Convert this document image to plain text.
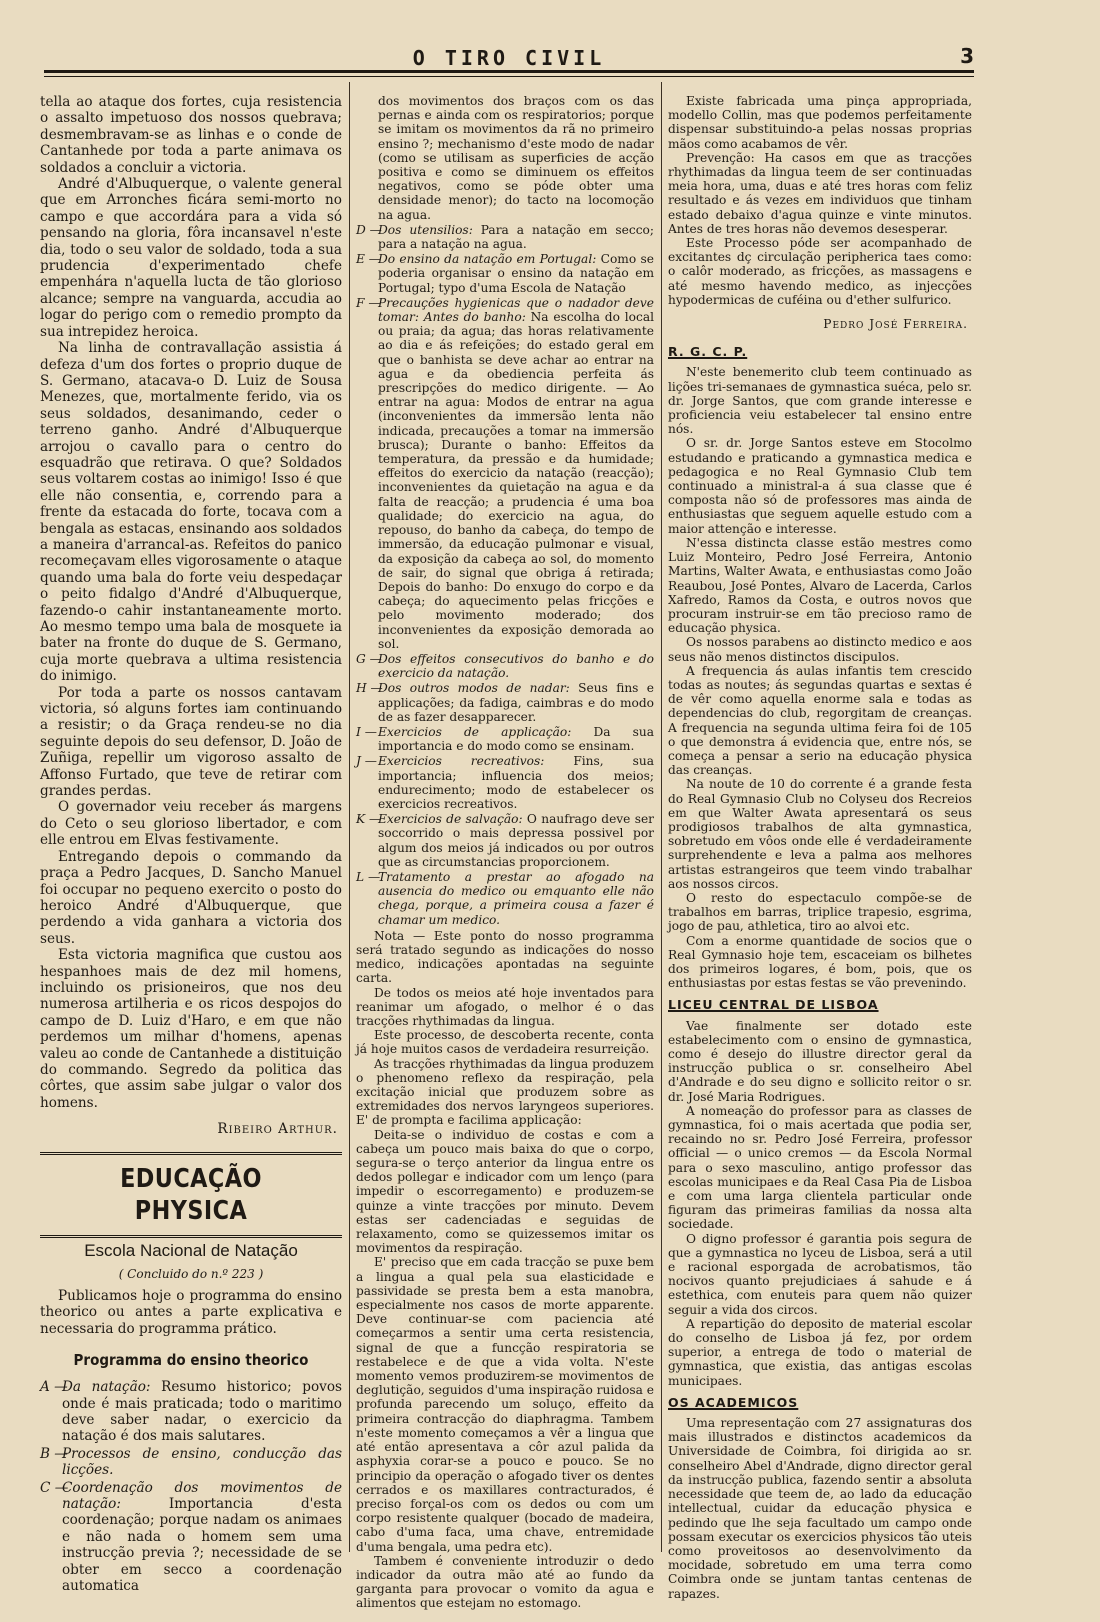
O TIRO CIVIL	3

tella ao ataque dos fortes, cuja resistencia o assalto impetuoso dos nossos quebrava; desmembravam-se as linhas e o conde de Cantanhede por toda a parte animava os soldados a concluir a victoria.

André d'Albuquerque, o valente general que em Arronches ficára semi-morto no campo e que accordára para a vida só pensando na gloria, fôra incansavel n'este dia, todo o seu valor de soldado, toda a sua prudencia d'experimentado chefe empenhára n'aquella lucta de tão glorioso alcance; sempre na vanguarda, accudia ao logar do perigo com o remedio prompto da sua intrepidez heroica.

Na linha de contravallação assistia á defeza d'um dos fortes o proprio duque de S. Germano, atacava-o D. Luiz de Sousa Menezes, que, mortalmente ferido, via os seus soldados, desanimando, ceder o terreno ganho. André d'Albuquerque arrojou o cavallo para o centro do esquadrão que retirava. O que? Soldados seus voltarem costas ao inimigo! Isso é que elle não consentia, e, correndo para a frente da estacada do forte, tocava com a bengala as estacas, ensinando aos soldados a maneira d'arrancal-as. Refeitos do panico recomeçavam elles vigorosamente o ataque quando uma bala do forte veiu despedaçar o peito fidalgo d'André d'Albuquerque, fazendo-o cahir instantaneamente morto. Ao mesmo tempo uma bala de mosquete ia bater na fronte do duque de S. Germano, cuja morte quebrava a ultima resistencia do inimigo.

Por toda a parte os nossos cantavam victoria, só alguns fortes iam continuando a resistir; o da Graça rendeu-se no dia seguinte depois do seu defensor, D. João de Zuñiga, repellir um vigoroso assalto de Affonso Furtado, que teve de retirar com grandes perdas.

O governador veiu receber ás margens do Ceto o seu glorioso libertador, e com elle entrou em Elvas festivamente.

Entregando depois o commando da praça a Pedro Jacques, D. Sancho Manuel foi occupar no pequeno exercito o posto do heroico André d'Albuquerque, que perdendo a vida ganhara a victoria dos seus.

Esta victoria magnifica que custou aos hespanhoes mais de dez mil homens, incluindo os prisioneiros, que nos deu numerosa artilheria e os ricos despojos do campo de D. Luiz d'Haro, e em que não perdemos um milhar d'homens, apenas valeu ao conde de Cantanhede a distituição do commando. Segredo da politica das côrtes, que assim sabe julgar o valor dos homens.

Ribeiro Arthur.

EDUCAÇÃO PHYSICA

Escola Nacional de Natação

( Concluido do n.º 223 )

Publicamos hoje o programma do ensino theorico ou antes a parte explicativa e necessaria do programma prático.

Programma do ensino theorico

A —
Da natação: Resumo historico; povos onde é mais praticada; todo o maritimo deve saber nadar, o exercicio da natação é dos mais salutares.

B —
Processos de ensino, conducção das licções.

C —
Coordenação dos movimentos de natação: Importancia d'esta coordenação; porque nadam os animaes e não nada o homem sem uma instrucção previa ?; necessidade de se obter em secco a coordenação automatica

dos movimentos dos braços com os das pernas e ainda com os respiratorios; porque se imitam os movimentos da rã no primeiro ensino ?; mechanismo d'este modo de nadar (como se utilisam as superficies de acção positiva e como se diminuem os effeitos negativos, como se póde obter uma densidade menor); do tacto na locomoção na agua.

D —
Dos utensilios: Para a natação em secco; para a natação na agua.

E —
Do ensino da natação em Portugal: Como se poderia organisar o ensino da natação em Portugal; typo d'uma Escola de Natação

F —
Precauções hygienicas que o nadador deve tomar: Antes do banho: Na escolha do local ou praia; da agua; das horas relativamente ao dia e ás refeições; do estado geral em que o banhista se deve achar ao entrar na agua e da obediencia perfeita ás prescripções do medico dirigente. — Ao entrar na agua: Modos de entrar na agua (inconvenientes da immersão lenta não indicada, precauções a tomar na immersão brusca); Durante o banho: Effeitos da temperatura, da pressão e da humidade; effeitos do exercicio da natação (reacção); inconvenientes da quietação na agua e da falta de reacção; a prudencia é uma boa qualidade; do exercicio na agua, do repouso, do banho da cabeça, do tempo de immersão, da educação pulmonar e visual, da exposição da cabeça ao sol, do momento de sair, do signal que obriga á retirada; Depois do banho: Do enxugo do corpo e da cabeça; do aquecimento pelas fricções e pelo movimento moderado; dos inconvenientes da exposição demorada ao sol.

G —
Dos effeitos consecutivos do banho e do exercicio da natação.

H —
Dos outros modos de nadar: Seus fins e applicações; da fadiga, caimbras e do modo de as fazer desapparecer.

I — Exercicios de applicação: Da sua importancia e do modo como se ensinam.

J — Exercicios recreativos: Fins, sua importancia; influencia dos meios; endurecimento; modo de estabelecer os exercicios recreativos.

K —
Exercicios de salvação: O naufrago deve ser soccorrido o mais depressa possivel por algum dos meios já indicados ou por outros que as circumstancias proporcionem.

L —
Tratamento a prestar ao afogado na ausencia do medico ou emquanto elle não chega, porque, a primeira cousa a fazer é chamar um medico.

Nota — Este ponto do nosso programma será tratado segundo as indicações do nosso medico, indicações apontadas na seguinte carta.

De todos os meios até hoje inventados para reanimar um afogado, o melhor é o das tracções rhythimadas da lingua.

Este processo, de descoberta recente, conta já hoje muitos casos de verdadeira resurreição.

As tracções rhythimadas da lingua produzem o phenomeno reflexo da respiração, pela excitação inicial que produzem sobre as extremidades dos nervos laryngeos superiores. E' de prompta e facilima applicação:

Deita-se o individuo de costas e com a cabeça um pouco mais baixa do que o corpo, segura-se o terço anterior da lingua entre os dedos pollegar e indicador com um lenço (para impedir o escorregamento) e produzem-se quinze a vinte tracções por minuto. Devem estas ser cadenciadas e seguidas de relaxamento, como se quizessemos imitar os movimentos da respiração.

E' preciso que em cada tracção se puxe bem a lingua a qual pela sua elasticidade e passividade se presta bem a esta manobra, especialmente nos casos de morte apparente. Deve continuar-se com paciencia até começarmos a sentir uma certa resistencia, signal de que a funcção respiratoria se restabelece e de que a vida volta. N'este momento vemos produzirem-se movimentos de deglutição, seguidos d'uma inspiração ruidosa e profunda parecendo um soluço, effeito da primeira contracção do diaphragma. Tambem n'este momento começamos a vêr a lingua que até então apresentava a côr azul palida da asphyxia corar-se a pouco e pouco. Se no principio da operação o afogado tiver os dentes cerrados e os maxillares contracturados, é preciso forçal-os com os dedos ou com um corpo resistente qualquer (bocado de madeira, cabo d'uma faca, uma chave, entremidade d'uma bengala, uma pedra etc).

Tambem é conveniente introduzir o dedo indicador da outra mão até ao fundo da garganta para provocar o vomito da agua e alimentos que estejam no estomago.

Existe fabricada uma pinça appropriada, modello Collin, mas que podemos perfeitamente dispensar substituindo-a pelas nossas proprias mãos como acabamos de vêr.

Prevenção: Ha casos em que as tracções rhythimadas da lingua teem de ser continuadas meia hora, uma, duas e até tres horas com feliz resultado e ás vezes em individuos que tinham estado debaixo d'agua quinze e vinte minutos. Antes de tres horas não devemos desesperar.

Este Processo póde ser acompanhado de excitantes dç circulação peripherica taes como: o calôr moderado, as fricções, as massagens e até mesmo havendo medico, as injecções hypodermicas de cuféina ou d'ether sulfurico.

Pedro José Ferreira.

R. G. C. P.

N'este benemerito club teem continuado as lições tri-semanaes de gymnastica suéca, pelo sr. dr. Jorge Santos, que com grande interesse e proficiencia veiu estabelecer tal ensino entre nós.

O sr. dr. Jorge Santos esteve em Stocolmo estudando e praticando a gymnastica medica e pedagogica e no Real Gymnasio Club tem continuado a ministral-a á sua classe que é composta não só de professores mas ainda de enthusiastas que seguem aquelle estudo com a maior attenção e interesse.

N'essa distincta classe estão mestres como Luiz Monteiro, Pedro José Ferreira, Antonio Martins, Walter Awata, e enthusiastas como João Reaubou, José Pontes, Alvaro de Lacerda, Carlos Xafredo, Ramos da Costa, e outros novos que procuram instruir-se em tão precioso ramo de educação physica.

Os nossos parabens ao distincto medico e aos seus não menos distinctos discipulos.

A frequencia ás aulas infantis tem crescido todas as noutes; ás segundas quartas e sextas é de vêr como aquella enorme sala e todas as dependencias do club, regorgitam de creanças. A frequencia na segunda ultima feira foi de 105 o que demonstra á evidencia que, entre nós, se começa a pensar a serio na educação physica das creanças.

Na noute de 10 do corrente é a grande festa do Real Gymnasio Club no Colyseu dos Recreios em que Walter Awata apresentará os seus prodigiosos trabalhos de alta gymnastica, sobretudo em vôos onde elle é verdadeiramente surprehendente e leva a palma aos melhores artistas estrangeiros que teem vindo trabalhar aos nossos circos.

O resto do espectaculo compõe-se de trabalhos em barras, triplice trapesio, esgrima, jogo de pau, athletica, tiro ao alvoi etc.

Com a enorme quantidade de socios que o Real Gymnasio hoje tem, escaceiam os bilhetes dos primeiros logares, é bom, pois, que os enthusiastas por estas festas se vão prevenindo.

LICEU CENTRAL DE LISBOA

Vae finalmente ser dotado este estabelecimento com o ensino de gymnastica, como é desejo do illustre director geral da instrucção publica o sr. conselheiro Abel d'Andrade e do seu digno e sollicito reitor o sr. dr. José Maria Rodrigues.

A nomeação do professor para as classes de gymnastica, foi o mais acertada que podia ser, recaindo no sr. Pedro José Ferreira, professor official — o unico cremos — da Escola Normal para o sexo masculino, antigo professor das escolas municipaes e da Real Casa Pia de Lisboa e com uma larga clientela particular onde figuram das primeiras familias da nossa alta sociedade.

O digno professor é garantia pois segura de que a gymnastica no lyceu de Lisboa, será a util e racional esporgada de acrobatismos, tão nocivos quanto prejudiciaes á sahude e á estethica, com enuteis para quem não quizer seguir a vida dos circos.

A repartição do deposito de material escolar do conselho de Lisboa já fez, por ordem superior, a entrega de todo o material de gymnastica, que existia, das antigas escolas municipaes.

OS ACADEMICOS

Uma representação com 27 assignaturas dos mais illustrados e distinctos academicos da Universidade de Coimbra, foi dirigida ao sr. conselheiro Abel d'Andrade, digno director geral da instrucção publica, fazendo sentir a absoluta necessidade que teem de, ao lado da educação intellectual, cuidar da educação physica e pedindo que lhe seja facultado um campo onde possam executar os exercicios physicos tão uteis como proveitosos ao desenvolvimento da mocidade, sobretudo em uma terra como Coimbra onde se juntam tantas centenas de rapazes.
